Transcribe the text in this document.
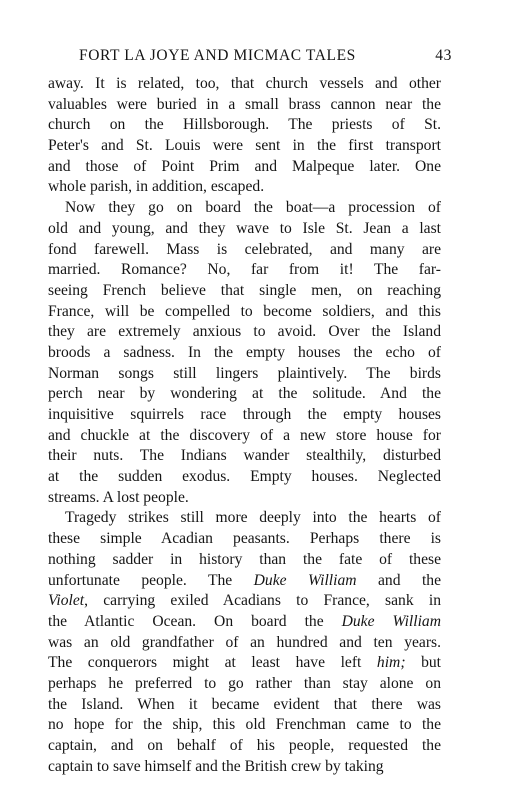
FORT LA JOYE AND MICMAC TALES	43
away. It is related, too, that church vessels and other
valuables were buried in a small brass cannon near the
church on the Hillsborough. The priests of St.
Peter's and St. Louis were sent in the first transport
and those of Point Prim and Malpeque later. One
whole parish, in addition, escaped.
Now they go on board the boat—a procession of
old and young, and they wave to Isle St. Jean a last
fond farewell. Mass is celebrated, and many are
married. Romance? No, far from it! The far-
seeing French believe that single men, on reaching
France, will be compelled to become soldiers, and this
they are extremely anxious to avoid. Over the Island
broods a sadness. In the empty houses the echo of
Norman songs still lingers plaintively. The birds
perch near by wondering at the solitude. And the
inquisitive squirrels race through the empty houses
and chuckle at the discovery of a new store house for
their nuts. The Indians wander stealthily, disturbed
at the sudden exodus. Empty houses. Neglected
streams. A lost people.
Tragedy strikes still more deeply into the hearts of
these simple Acadian peasants. Perhaps there is
nothing sadder in history than the fate of these
unfortunate people. The Duke William and the
Violet, carrying exiled Acadians to France, sank in
the Atlantic Ocean. On board the Duke William
was an old grandfather of an hundred and ten years.
The conquerors might at least have left him; but
perhaps he preferred to go rather than stay alone on
the Island. When it became evident that there was
no hope for the ship, this old Frenchman came to the
captain, and on behalf of his people, requested the
captain to save himself and the British crew by taking
